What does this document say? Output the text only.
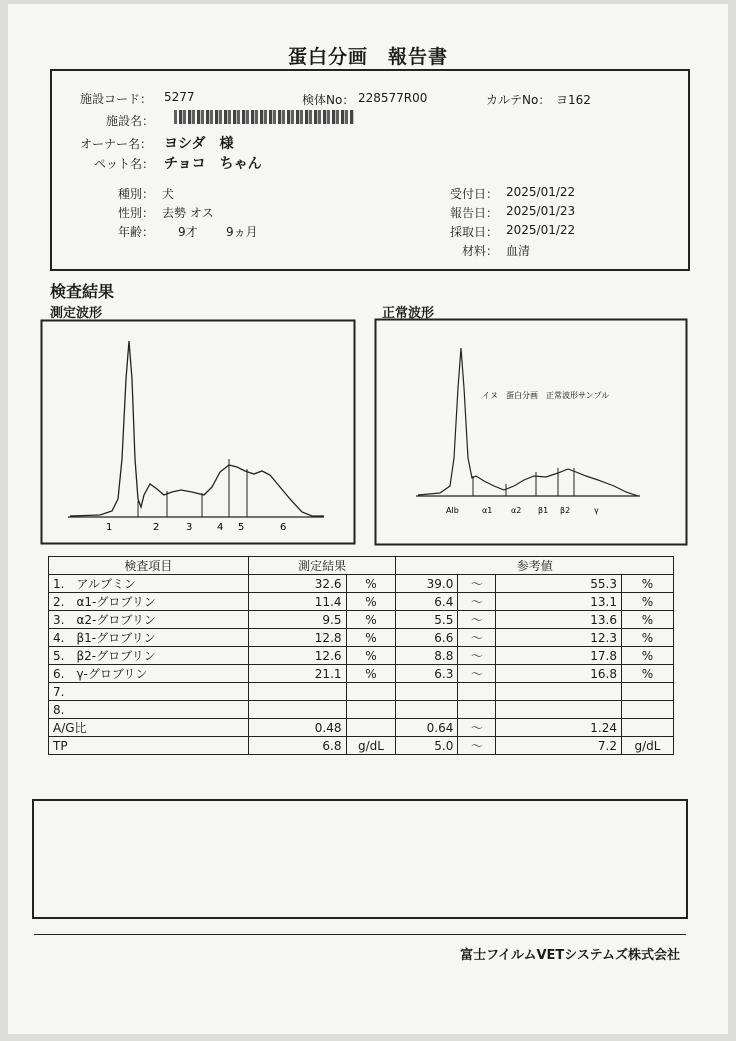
蛋白分画　報告書
施設コード： 5277	検体No： 228577R00	カルテNo： ヨ162
施設名：
オーナー名： ヨシダ　様
ペット名： チョコ　ちゃん
種別： 犬
性別： 去勢 オス
年齢： 9才 9ヵ月
受付日： 2025/01/22
報告日： 2025/01/23
採取日： 2025/01/22
材料： 血清
検査結果
測定波形	正常波形
1	2	3 4 5	6
イヌ　蛋白分画　正常波形サンプル
Alb	α1 α2 β1 β2	γ
検査項目	測定結果		参考値			
1.　アルブミン	32.6	%	39.0	～	55.3	%
2.　α1-グロブリン	11.4	%	6.4	～	13.1	%
3.　α2-グロブリン	9.5	%	5.5	～	13.6	%
4.　β1-グロブリン	12.8	%	6.6	～	12.3	%
5.　β2-グロブリン	12.6	%	8.8	～	17.8	%
6.　γ-グロブリン	21.1	%	6.3	～	16.8	%
7.						
8.						
A/G比	0.48		0.64	～	1.24	
TP	6.8	g/dL	5.0	～	7.2	g/dL
富士フイルムVETシステムズ株式会社
